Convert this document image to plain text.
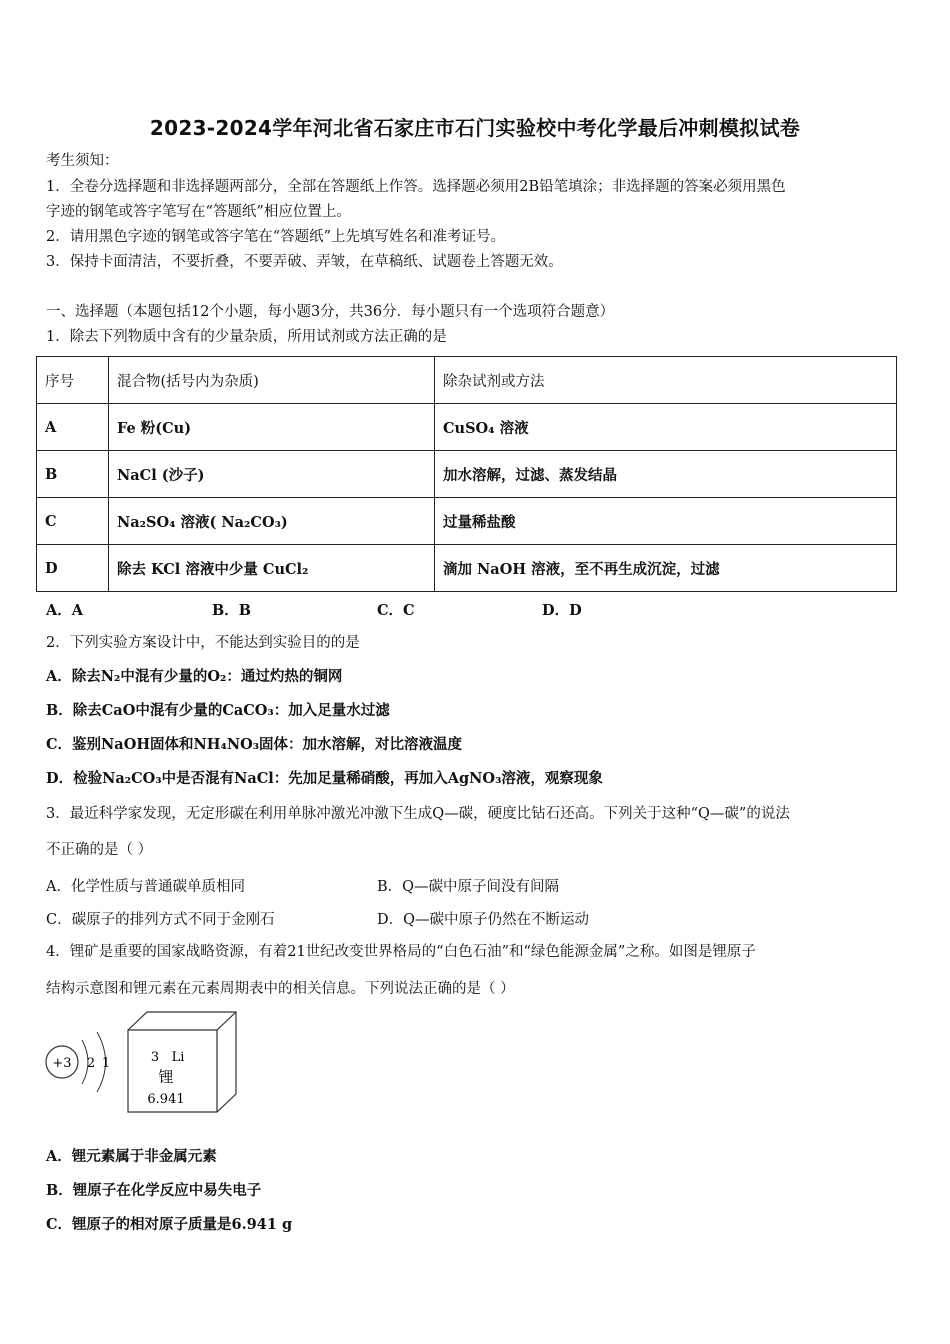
2023-2024学年河北省石家庄市石门实验校中考化学最后冲刺模拟试卷
考生须知：
1．全卷分选择题和非选择题两部分，全部在答题纸上作答。选择题必须用2B铅笔填涂；非选择题的答案必须用黑色
字迹的钢笔或答字笔写在“答题纸”相应位置上。
2．请用黑色字迹的钢笔或答字笔在“答题纸”上先填写姓名和准考证号。
3．保持卡面清洁，不要折叠，不要弄破、弄皱，在草稿纸、试题卷上答题无效。
一、选择题（本题包括12个小题，每小题3分，共36分．每小题只有一个选项符合题意）
1．除去下列物质中含有的少量杂质，所用试剂或方法正确的是
序号	混合物(括号内为杂质)	除杂试剂或方法
A	Fe 粉(Cu)	CuSO₄ 溶液
B	NaCl (沙子)	加水溶解，过滤、蒸发结晶
C	Na₂SO₄ 溶液( Na₂CO₃)	过量稀盐酸
D	除去 KCl 溶液中少量 CuCl₂	滴加 NaOH 溶液，至不再生成沉淀，过滤
A．A	B．B	C．C	D．D
2．下列实验方案设计中，不能达到实验目的的是
A．除去N₂中混有少量的O₂：通过灼热的铜网
B．除去CaO中混有少量的CaCO₃：加入足量水过滤
C．鉴别NaOH固体和NH₄NO₃固体：加水溶解，对比溶液温度
D．检验Na₂CO₃中是否混有NaCl：先加足量稀硝酸，再加入AgNO₃溶液，观察现象
3．最近科学家发现，无定形碳在利用单脉冲激光冲激下生成Q—碳，硬度比钻石还高。下列关于这种“Q—碳”的说法
不正确的是（ ）
A．化学性质与普通碳单质相同	B．Q—碳中原子间没有间隔
C．碳原子的排列方式不同于金刚石	D．Q—碳中原子仍然在不断运动
4．锂矿是重要的国家战略资源，有着21世纪改变世界格局的“白色石油”和“绿色能源金属”之称。如图是锂原子
结构示意图和锂元素在元素周期表中的相关信息。下列说法正确的是（ ）
+3 2 1	3 Li
锂
6.941
A．锂元素属于非金属元素
B．锂原子在化学反应中易失电子
C．锂原子的相对原子质量是6.941 g
